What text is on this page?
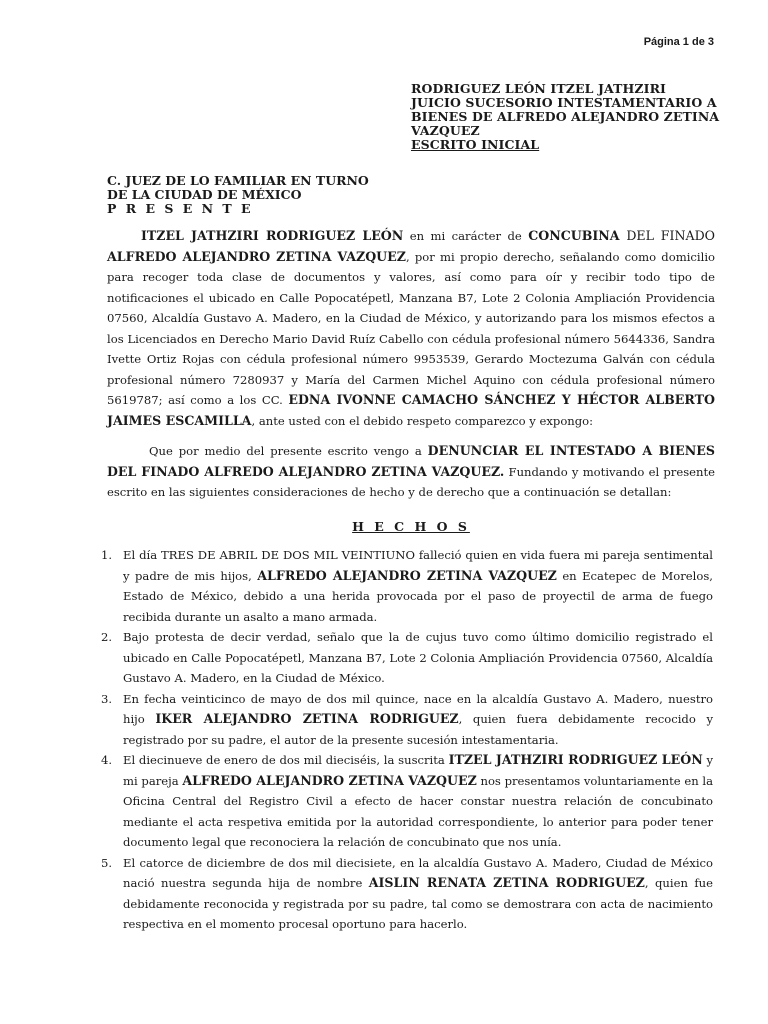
Página 1 de 3
RODRIGUEZ LEÓN ITZEL JATHZIRI
JUICIO SUCESORIO INTESTAMENTARIO A
BIENES DE ALFREDO ALEJANDRO ZETINA
VAZQUEZ
ESCRITO INICIAL
C. JUEZ DE LO FAMILIAR EN TURNO
DE LA CIUDAD DE MÉXICO
P R E S E N T E

ITZEL JATHZIRI RODRIGUEZ LEÓN en mi carácter de CONCUBINA DEL FINADO ALFREDO ALEJANDRO ZETINA VAZQUEZ, por mi propio derecho, señalando como domicilio para recoger toda clase de documentos y valores, así como para oír y recibir todo tipo de notificaciones el ubicado en Calle Popocatépetl, Manzana B7, Lote 2 Colonia Ampliación Providencia 07560, Alcaldía Gustavo A. Madero, en la Ciudad de México, y autorizando para los mismos efectos a los Licenciados en Derecho Mario David Ruíz Cabello con cédula profesional número 5644336, Sandra Ivette Ortiz Rojas con cédula profesional número 9953539, Gerardo Moctezuma Galván con cédula profesional número 7280937 y María del Carmen Michel Aquino con cédula profesional número 5619787; así como a los CC. EDNA IVONNE CAMACHO SÁNCHEZ Y HÉCTOR ALBERTO JAIMES ESCAMILLA, ante usted con el debido respeto comparezco y expongo:

Que por medio del presente escrito vengo a DENUNCIAR EL INTESTADO A BIENES DEL FINADO ALFREDO ALEJANDRO ZETINA VAZQUEZ. Fundando y motivando el presente escrito en las siguientes consideraciones de hecho y de derecho que a continuación se detallan:

H E C H O S
1. El día TRES DE ABRIL DE DOS MIL VEINTIUNO falleció quien en vida fuera mi pareja sentimental y padre de mis hijos, ALFREDO ALEJANDRO ZETINA VAZQUEZ en Ecatepec de Morelos, Estado de México, debido a una herida provocada por el paso de proyectil de arma de fuego recibida durante un asalto a mano armada.
2. Bajo protesta de decir verdad, señalo que la de cujus tuvo como último domicilio registrado el ubicado en Calle Popocatépetl, Manzana B7, Lote 2 Colonia Ampliación Providencia 07560, Alcaldía Gustavo A. Madero, en la Ciudad de México.
3. En fecha veinticinco de mayo de dos mil quince, nace en la alcaldía Gustavo A. Madero, nuestro hijo IKER ALEJANDRO ZETINA RODRIGUEZ, quien fuera debidamente recocido y registrado por su padre, el autor de la presente sucesión intestamentaria.
4. El diecinueve de enero de dos mil dieciséis, la suscrita ITZEL JATHZIRI RODRIGUEZ LEÓN y mi pareja ALFREDO ALEJANDRO ZETINA VAZQUEZ nos presentamos voluntariamente en la Oficina Central del Registro Civil a efecto de hacer constar nuestra relación de concubinato mediante el acta respetiva emitida por la autoridad correspondiente, lo anterior para poder tener documento legal que reconociera la relación de concubinato que nos unía.
5. El catorce de diciembre de dos mil diecisiete, en la alcaldía Gustavo A. Madero, Ciudad de México nació nuestra segunda hija de nombre AISLIN RENATA ZETINA RODRIGUEZ, quien fue debidamente reconocida y registrada por su padre, tal como se demostrara con acta de nacimiento respectiva en el momento procesal oportuno para hacerlo.
